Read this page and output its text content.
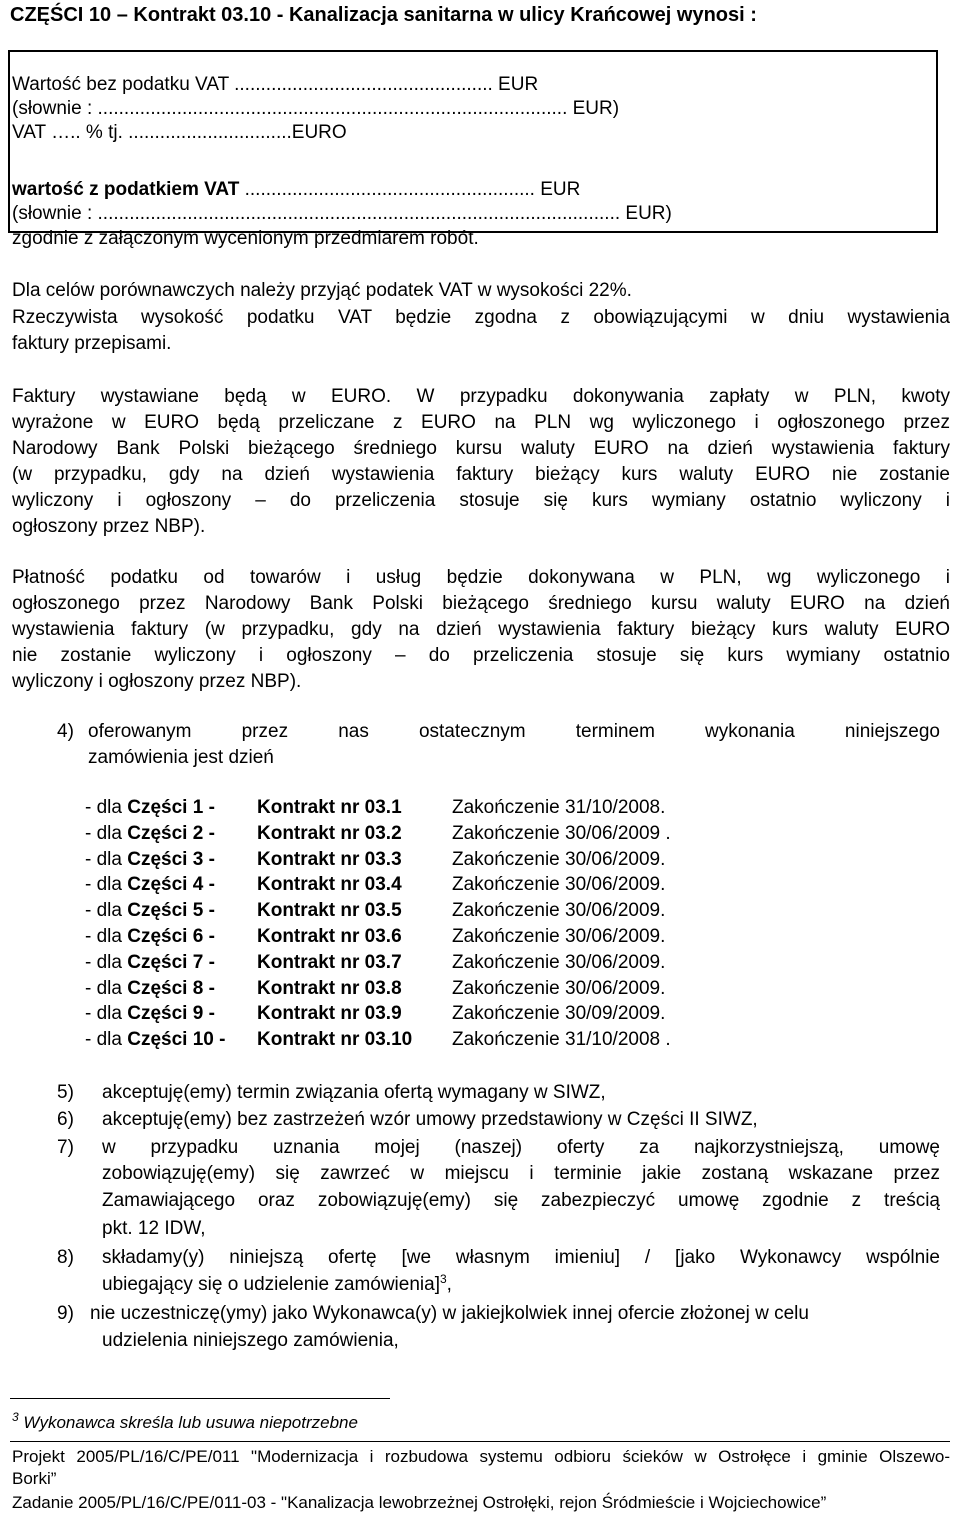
CZĘŚCI 10 – Kontrakt 03.10 - Kanalizacja sanitarna w ulicy Krańcowej wynosi :
Wartość bez podatku VAT ................................................. EUR
(słownie : ......................................................................................... EUR)
VAT ….. % tj. ...............................EURO
wartość z podatkiem VAT ....................................................... EUR
(słownie : ................................................................................................... EUR)
zgodnie z załączonym wycenionym przedmiarem robót.
Dla celów porównawczych należy przyjąć podatek VAT w wysokości 22%.
Rzeczywista wysokość podatku VAT będzie zgodna z obowiązującymi w dniu wystawienia
faktury przepisami.
Faktury wystawiane będą w EURO. W przypadku dokonywania zapłaty w PLN, kwoty
wyrażone w EURO będą przeliczane z EURO na PLN wg wyliczonego i ogłoszonego przez
Narodowy Bank Polski bieżącego średniego kursu waluty EURO na dzień wystawienia faktury
(w przypadku, gdy na dzień wystawienia faktury bieżący kurs waluty EURO nie zostanie
wyliczony i ogłoszony – do przeliczenia stosuje się kurs wymiany ostatnio wyliczony i
ogłoszony przez NBP).
Płatność podatku od towarów i usług będzie dokonywana w PLN, wg wyliczonego i
ogłoszonego przez Narodowy Bank Polski bieżącego średniego kursu waluty EURO na dzień
wystawienia faktury (w przypadku, gdy na dzień wystawienia faktury bieżący kurs waluty EURO
nie zostanie wyliczony i ogłoszony – do przeliczenia stosuje się kurs wymiany ostatnio
wyliczony i ogłoszony przez NBP).
4) oferowanym przez nas ostatecznym terminem wykonania niniejszego
zamówienia jest dzień
- dla Części 1 - Kontrakt nr 03.1	Zakończenie 31/10/2008.
- dla Części 2 - Kontrakt nr 03.2	Zakończenie 30/06/2009 .
- dla Części 3 - Kontrakt nr 03.3	Zakończenie 30/06/2009.
- dla Części 4 - Kontrakt nr 03.4	Zakończenie 30/06/2009.
- dla Części 5 - Kontrakt nr 03.5	Zakończenie 30/06/2009.
- dla Części 6 - Kontrakt nr 03.6	Zakończenie 30/06/2009.
- dla Części 7 - Kontrakt nr 03.7	Zakończenie 30/06/2009.
- dla Części 8 - Kontrakt nr 03.8	Zakończenie 30/06/2009.
- dla Części 9 - Kontrakt nr 03.9	Zakończenie 30/09/2009.
- dla Części 10 - Kontrakt nr 03.10 Zakończenie 31/10/2008 .
5) akceptuję(emy) termin związania ofertą wymagany w SIWZ,
6) akceptuję(emy) bez zastrzeżeń wzór umowy przedstawiony w Części II SIWZ,
7) w przypadku uznania mojej (naszej) oferty za najkorzystniejszą, umowę
zobowiązuję(emy) się zawrzeć w miejscu i terminie jakie zostaną wskazane przez
Zamawiającego oraz zobowiązuję(emy) się zabezpieczyć umowę zgodnie z treścią
pkt. 12 IDW,
8) składamy(y) niniejszą ofertę [we własnym imieniu] / [jako Wykonawcy wspólnie
ubiegający się o udzielenie zamówienia]$^3$,
9) nie uczestniczę(ymy) jako Wykonawca(y) w jakiejkolwiek innej ofercie złożonej w celu
udzielenia niniejszego zamówienia,
$^3$ Wykonawca skreśla lub usuwa niepotrzebne
Projekt 2005/PL/16/C/PE/011 "Modernizacja i rozbudowa systemu odbioru ścieków w Ostrołęce i gminie Olszewo-
Borki”
Zadanie 2005/PL/16/C/PE/011-03 - "Kanalizacja lewobrzeżnej Ostrołęki, rejon Śródmieście i Wojciechowice”
